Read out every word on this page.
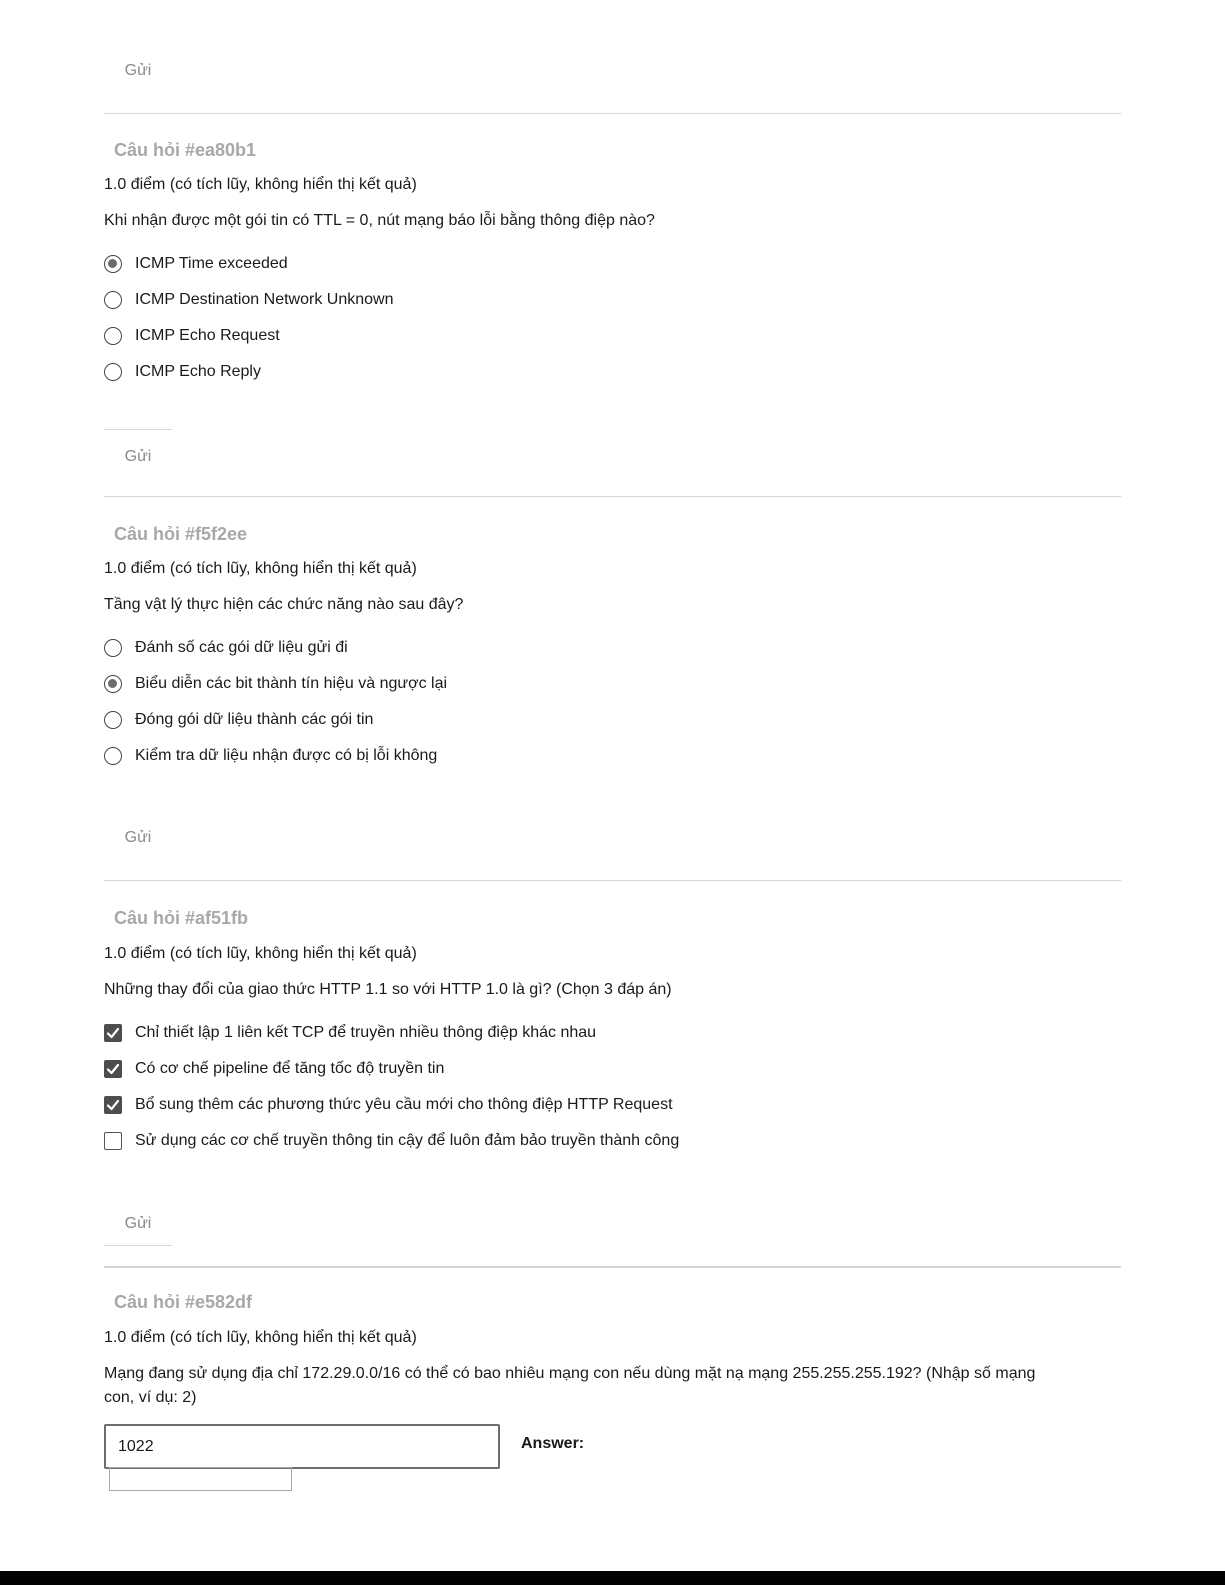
Gửi
Câu hỏi #ea80b1
1.0 điểm (có tích lũy, không hiển thị kết quả)
Khi nhận được một gói tin có TTL = 0, nút mạng báo lỗi bằng thông điệp nào?
ICMP Time exceeded
ICMP Destination Network Unknown
ICMP Echo Request
ICMP Echo Reply
Gửi
Câu hỏi #f5f2ee
1.0 điểm (có tích lũy, không hiển thị kết quả)
Tầng vật lý thực hiện các chức năng nào sau đây?
Đánh số các gói dữ liệu gửi đi
Biểu diễn các bit thành tín hiệu và ngược lại
Đóng gói dữ liệu thành các gói tin
Kiểm tra dữ liệu nhận được có bị lỗi không
Gửi
Câu hỏi #af51fb
1.0 điểm (có tích lũy, không hiển thị kết quả)
Những thay đổi của giao thức HTTP 1.1 so với HTTP 1.0 là gì? (Chọn 3 đáp án)
Chỉ thiết lập 1 liên kết TCP để truyền nhiều thông điệp khác nhau
Có cơ chế pipeline để tăng tốc độ truyền tin
Bổ sung thêm các phương thức yêu cầu mới cho thông điệp HTTP Request
Sử dụng các cơ chế truyền thông tin cậy để luôn đảm bảo truyền thành công
Gửi
Câu hỏi #e582df
1.0 điểm (có tích lũy, không hiển thị kết quả)
Mạng đang sử dụng địa chỉ 172.29.0.0/16 có thể có bao nhiêu mạng con nếu dùng mặt nạ mạng 255.255.255.192? (Nhập số mạng
con, ví dụ: 2)
1022
Answer:
